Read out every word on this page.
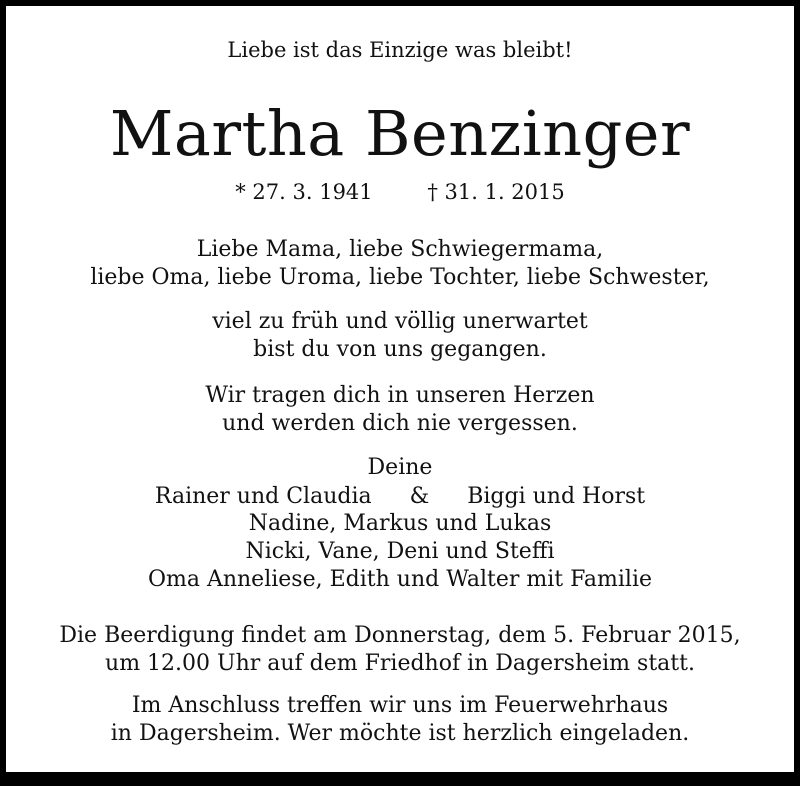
Liebe ist das Einzige was bleibt!
Martha Benzinger
* 27. 3. 1941	† 31. 1. 2015
Liebe Mama, liebe Schwiegermama,
liebe Oma, liebe Uroma, liebe Tochter, liebe Schwester,
viel zu früh und völlig unerwartet
bist du von uns gegangen.
Wir tragen dich in unseren Herzen
und werden dich nie vergessen.
Deine
Rainer und Claudia & Biggi und Horst
Nadine, Markus und Lukas
Nicki, Vane, Deni und Steffi
Oma Anneliese, Edith und Walter mit Familie
Die Beerdigung findet am Donnerstag, dem 5. Februar 2015,
um 12.00 Uhr auf dem Friedhof in Dagersheim statt.
Im Anschluss treffen wir uns im Feuerwehrhaus
in Dagersheim. Wer möchte ist herzlich eingeladen.
